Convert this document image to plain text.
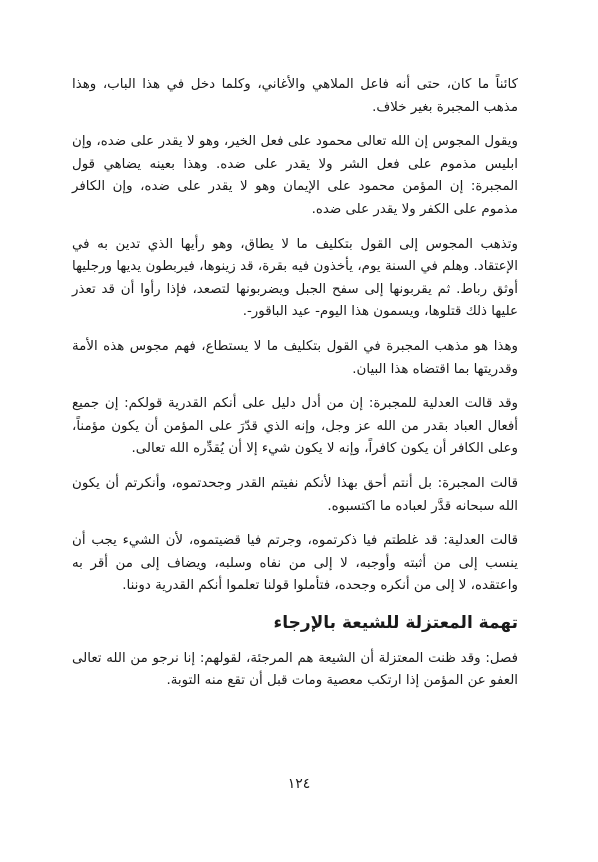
كائناً ما كان، حتى أنه فاعل الملاهي والأغاني، وكلما دخل في هذا الباب، وهذا مذهب المجبرة بغير خلاف.

ويقول المجوس إن الله تعالى محمود على فعل الخير، وهو لا يقدر على ضده، وإن ابليس مذموم على فعل الشر ولا يقدر على ضده. وهذا بعينه يضاهي قول المجبرة: إن المؤمن محمود على الإيمان وهو لا يقدر على ضده، وإن الكافر مذموم على الكفر ولا يقدر على ضده.

وتذهب المجوس إلى القول بتكليف ما لا يطاق، وهو رأيها الذي تدين به في الإعتقاد. وهلم في السنة يوم، يأخذون فيه بقرة، قد زينوها، فيربطون يديها ورجليها أوثق رباط. ثم يقربونها إلى سفح الجبل ويضربونها لتصعد، فإذا رأوا أن قد تعذر عليها ذلك قتلوها، ويسمون هذا اليوم- عيد الباقور-.

وهذا هو مذهب المجبرة في القول بتكليف ما لا يستطاع، فهم مجوس هذه الأمة وقدريتها بما اقتضاه هذا البيان.

وقد قالت العدلية للمجبرة: إن من أدل دليل على أنكم القدرية قولكم: إن جميع أفعال العباد بقدر من الله عز وجل، وإنه الذي قدّرَ على المؤمن أن يكون مؤمناً، وعلى الكافر أن يكون كافراً، وإنه لا يكون شيء إلا أن يُقدِّره الله تعالى.

قالت المجبرة: بل أنتم أحق بهذا لأنكم نفيتم القدر وجحدتموه، وأنكرتم أن يكون الله سبحانه قدَّر لعباده ما اكتسبوه.

قالت العدلية: قد غلطتم فيا ذكرتموه، وجرتم فيا قضيتموه، لأن الشيء يجب أن ينسب إلى من أثبته وأوجبه، لا إلى من نفاه وسلبه، ويضاف إلى من أقر به واعتقده، لا إلى من أنكره وجحده، فتأملوا قولنا تعلموا أنكم القدرية دوننا.

تهمة المعتزلة للشيعة بالإرجاء

فصل: وقد ظنت المعتزلة أن الشيعة هم المرجئة، لقولهم: إنا نرجو من الله تعالى العفو عن المؤمن إذا ارتكب معصية ومات قبل أن تقع منه التوبة.

١٢٤
